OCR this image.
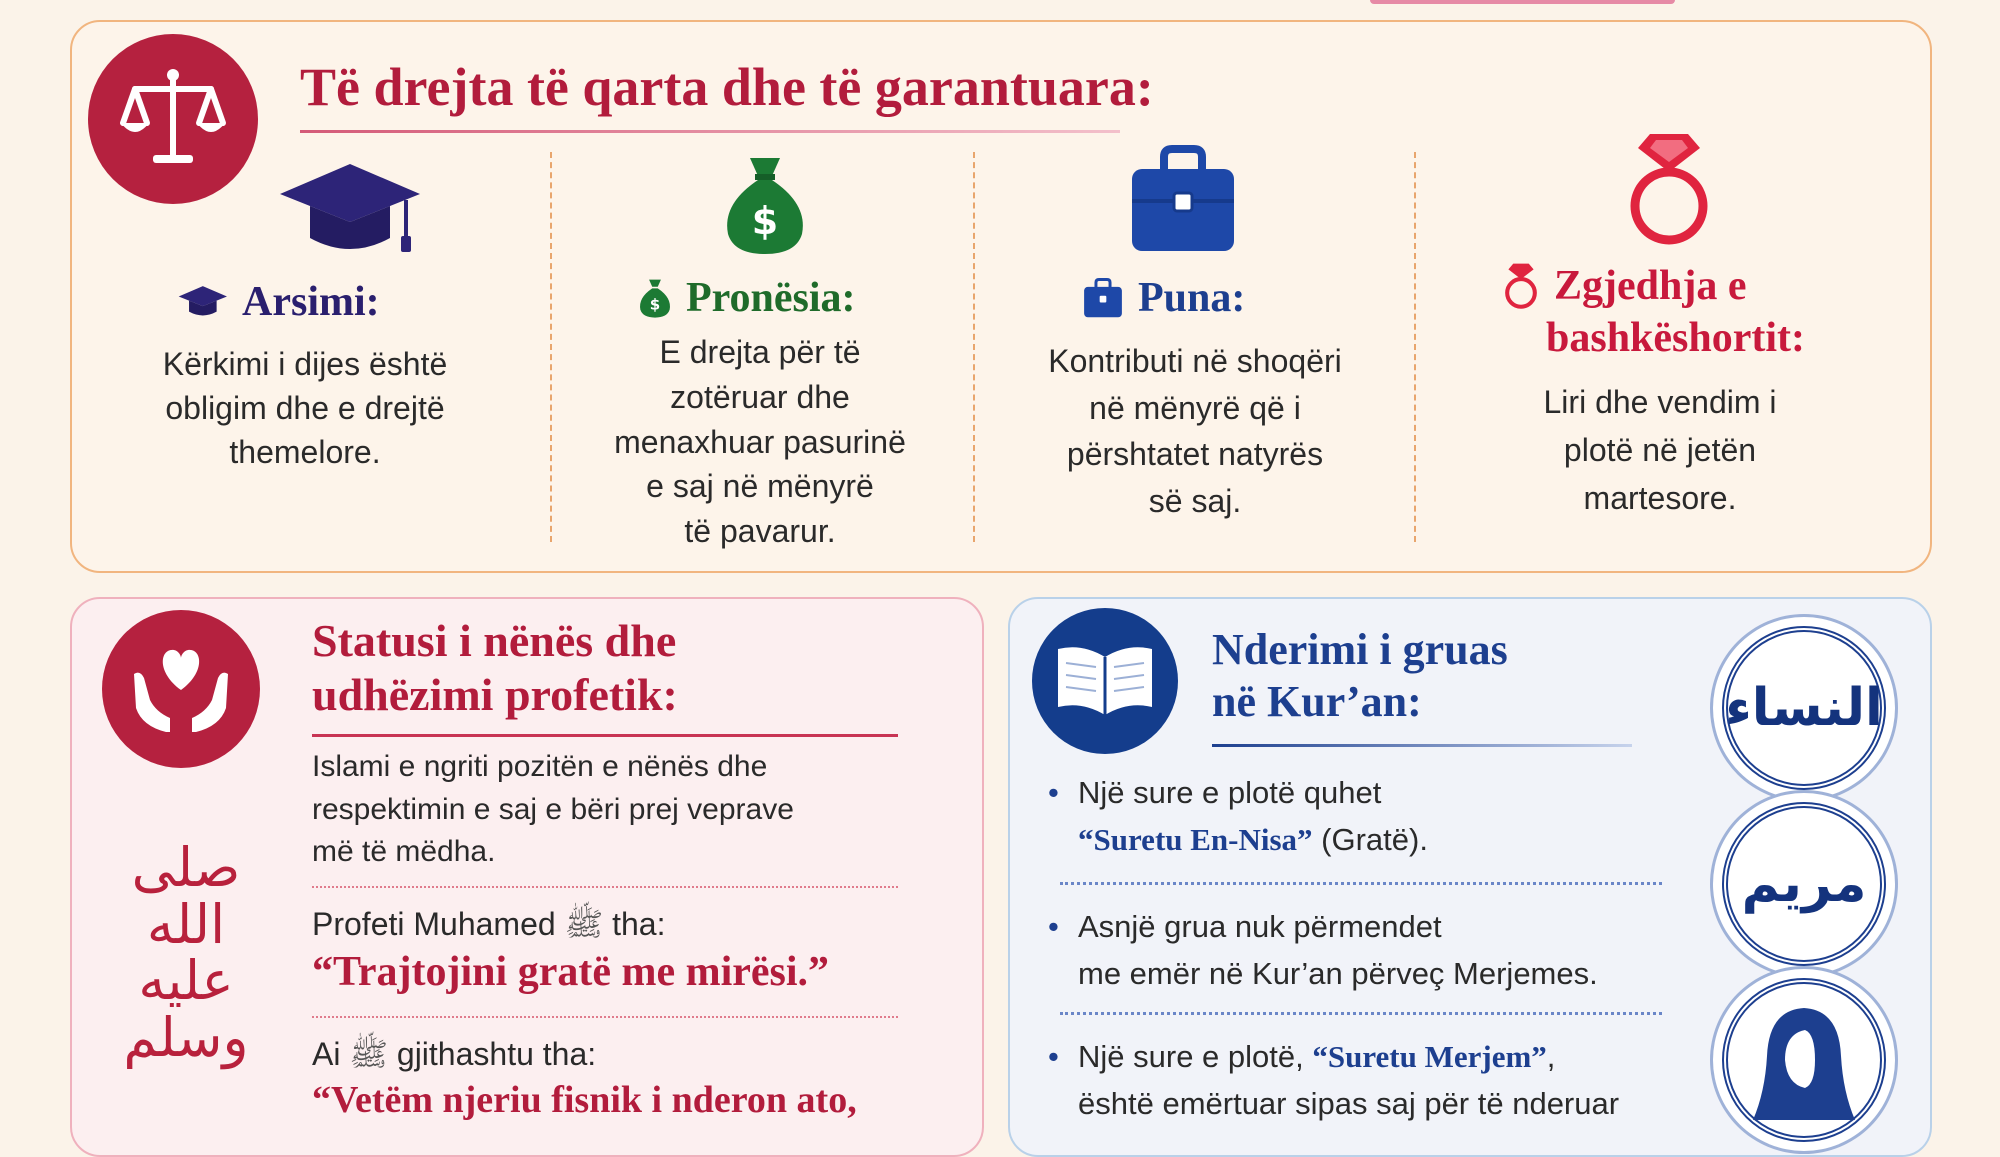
Të drejta të qarta dhe të garantuara:
Arsimi:
Kërkimi i dijes është
obligim dhe e drejtë
themelore.
$
$ Pronësia:
E drejta për të
zotëruar dhe
menaxhuar pasurinë
e saj në mënyrë
të pavarur.
Puna:
Kontributi në shoqëri
në mënyrë që i
përshtatet natyrës
së saj.
Zgjedhja e
bashkëshortit:
Liri dhe vendim i
plotë në jetën
martesore.
Statusi i nënës dhe
udhëzimi profetik:
Islami e ngriti pozitën e nënës dhe
respektimin e saj e bëri prej veprave
më të mëdha.
Profeti Muhamed ﷺ tha:
“Trajtojini gratë me mirësi.”
Ai ﷺ gjithashtu tha:
“Vetëm njeriu fisnik i nderon ato,
صلى الله عليه وسلم
Nderimi i gruas
në Kur’an:
• Një sure e plotë quhet
“Suretu En-Nisa” (Gratë).
• Asnjë grua nuk përmendet
me emër në Kur’an përveç Merjemes.
• Një sure e plotë, “Suretu Merjem”,
është emërtuar sipas saj për të nderuar
النساء
مريم
